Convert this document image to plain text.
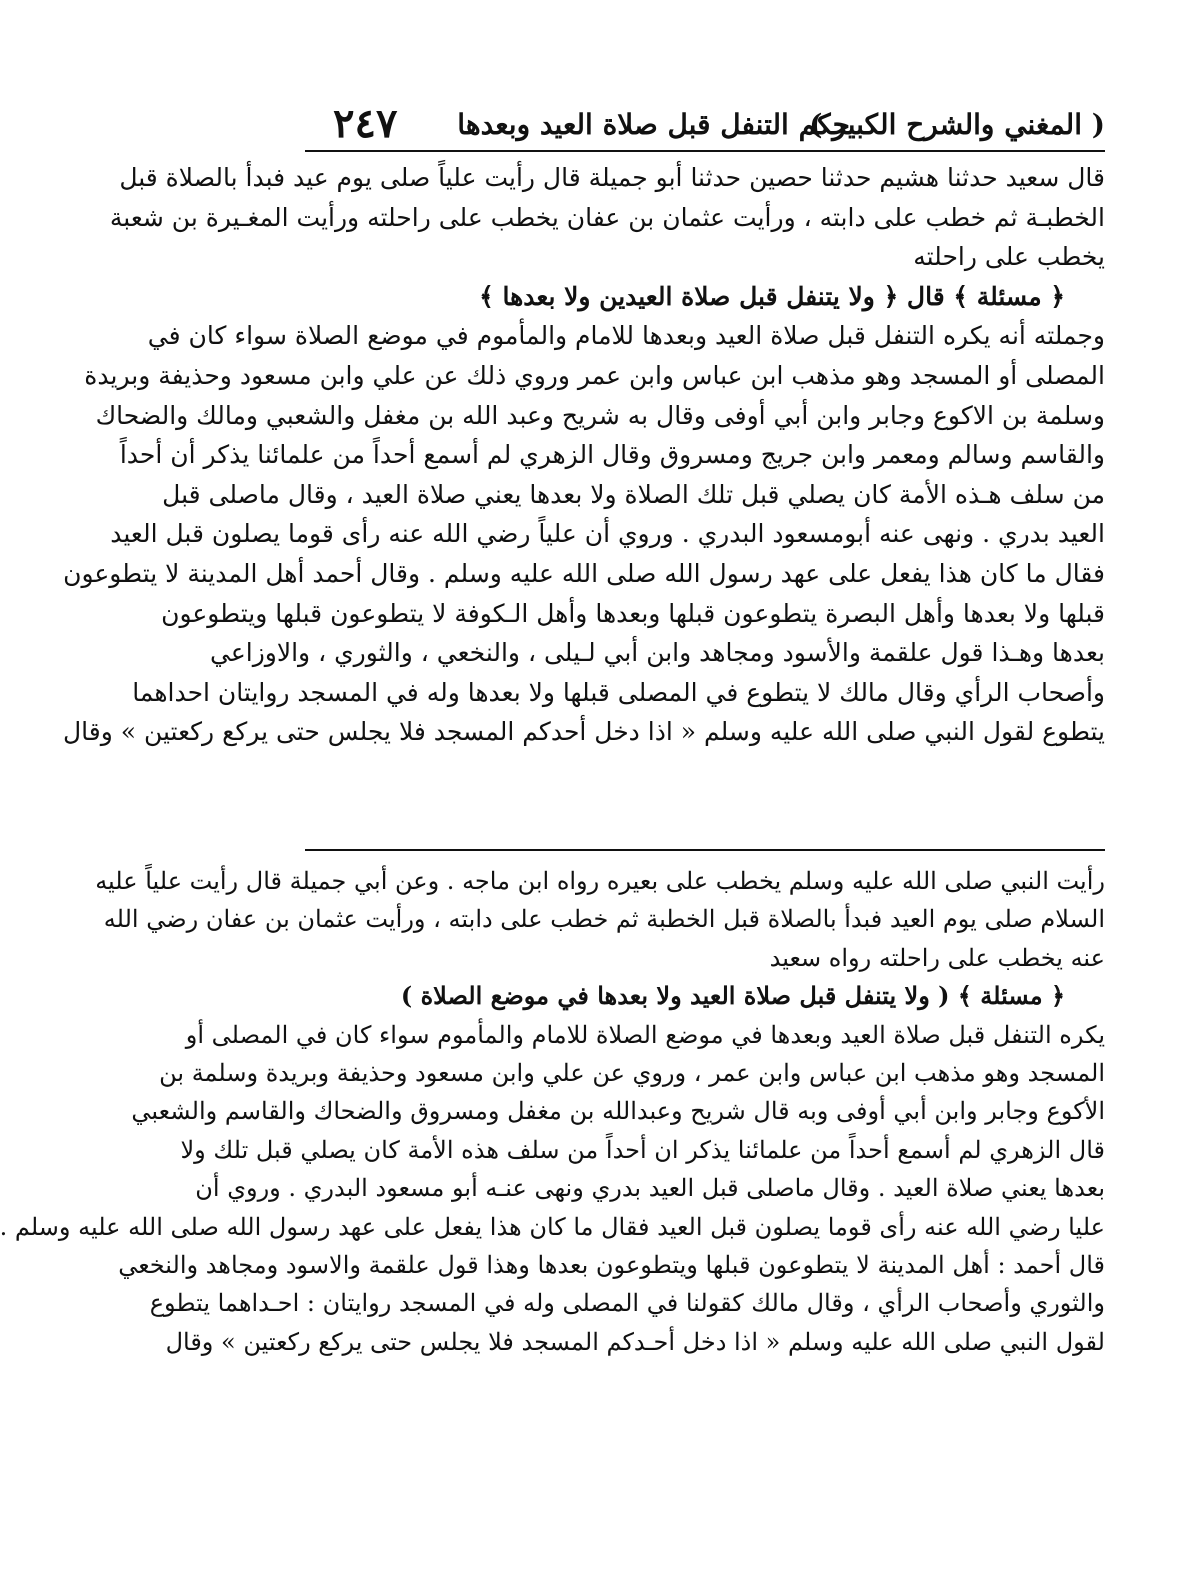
( المغني والشرح الكبير )
حكم التنفل قبل صلاة العيد وبعدها
٢٤٧
قال سعيد حدثنا هشيم حدثنا حصين حدثنا أبو جميلة قال رأيت علياً صلى يوم عيد فبدأ بالصلاة قبل
الخطبـة ثم خطب على دابته ، ورأيت عثمان بن عفان يخطب على راحلته ورأيت المغـيرة بن شعبة
يخطب على راحلته
﴿ مسئلة ﴾ قال ﴿ ولا يتنفل قبل صلاة العيدين ولا بعدها ﴾
وجملته أنه يكره التنفل قبل صلاة العيد وبعدها للامام والمأموم في موضع الصلاة سواء كان في
المصلى أو المسجد وهو مذهب ابن عباس وابن عمر وروي ذلك عن علي وابن مسعود وحذيفة وبريدة
وسلمة بن الاكوع وجابر وابن أبي أوفى وقال به شريح وعبد الله بن مغفل والشعبي ومالك والضحاك
والقاسم وسالم ومعمر وابن جريج ومسروق وقال الزهري لم أسمع أحداً من علمائنا يذكر أن أحداً
من سلف هـذه الأمة كان يصلي قبل تلك الصلاة ولا بعدها يعني صلاة العيد ، وقال ماصلى قبل
العيد بدري . ونهى عنه أبومسعود البدري . وروي أن علياً رضي الله عنه رأى قوما يصلون قبل العيد
فقال ما كان هذا يفعل على عهد رسول الله صلى الله عليه وسلم . وقال أحمد أهل المدينة لا يتطوعون
قبلها ولا بعدها وأهل البصرة يتطوعون قبلها وبعدها وأهل الـكوفة لا يتطوعون قبلها ويتطوعون
بعدها وهـذا قول علقمة والأسود ومجاهد وابن أبي لـيلى ، والنخعي ، والثوري ، والاوزاعي
وأصحاب الرأي وقال مالك لا يتطوع في المصلى قبلها ولا بعدها وله في المسجد روايتان احداهما
يتطوع لقول النبي صلى الله عليه وسلم « اذا دخل أحدكم المسجد فلا يجلس حتى يركع ركعتين » وقال
رأيت النبي صلى الله عليه وسلم يخطب على بعيره رواه ابن ماجه . وعن أبي جميلة قال رأيت علياً عليه
السلام صلى يوم العيد فبدأ بالصلاة قبل الخطبة ثم خطب على دابته ، ورأيت عثمان بن عفان رضي الله
عنه يخطب على راحلته رواه سعيد
﴿ مسئلة ﴾ ( ولا يتنفل قبل صلاة العيد ولا بعدها في موضع الصلاة )
يكره التنفل قبل صلاة العيد وبعدها في موضع الصلاة للامام والمأموم سواء كان في المصلى أو
المسجد وهو مذهب ابن عباس وابن عمر ، وروي عن علي وابن مسعود وحذيفة وبريدة وسلمة بن
الأكوع وجابر وابن أبي أوفى وبه قال شريح وعبدالله بن مغفل ومسروق والضحاك والقاسم والشعبي
قال الزهري لم أسمع أحداً من علمائنا يذكر ان أحداً من سلف هذه الأمة كان يصلي قبل تلك ولا
بعدها يعني صلاة العيد . وقال ماصلى قبل العيد بدري ونهى عنـه أبو مسعود البدري . وروي أن
عليا رضي الله عنه رأى قوما يصلون قبل العيد فقال ما كان هذا يفعل على عهد رسول الله صلى الله عليه وسلم .
قال أحمد : أهل المدينة لا يتطوعون قبلها ويتطوعون بعدها وهذا قول علقمة والاسود ومجاهد والنخعي
والثوري وأصحاب الرأي ، وقال مالك كقولنا في المصلى وله في المسجد روايتان : احـداهما يتطوع
لقول النبي صلى الله عليه وسلم « اذا دخل أحـدكم المسجد فلا يجلس حتى يركع ركعتين » وقال
